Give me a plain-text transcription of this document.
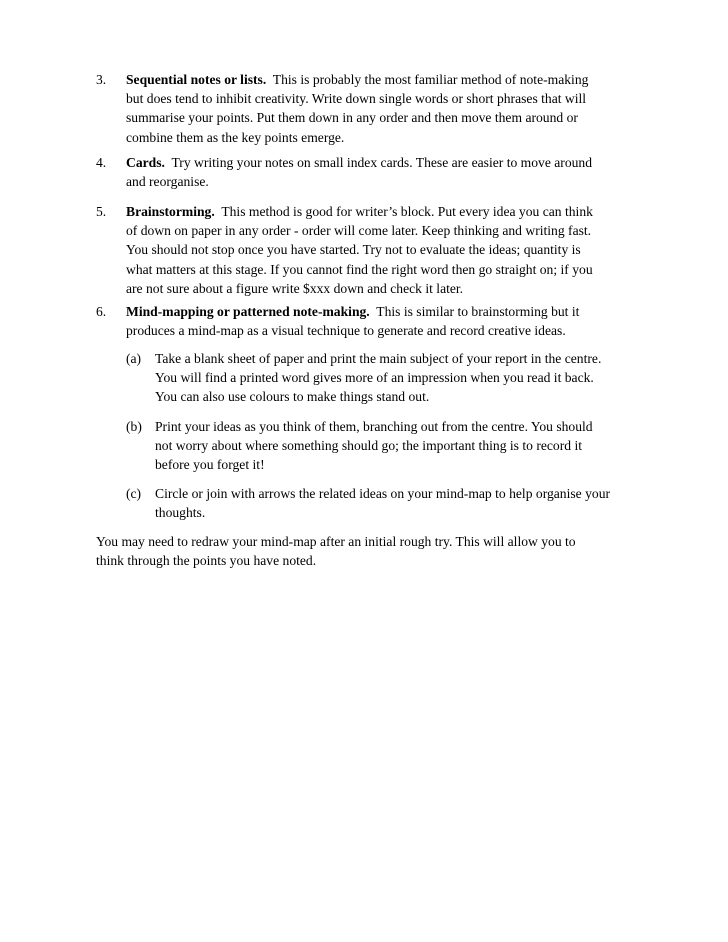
3. Sequential notes or lists. This is probably the most familiar method of note-making

but does tend to inhibit creativity. Write down single words or short phrases that will

summarise your points. Put them down in any order and then move them around or

combine them as the key points emerge.

4. Cards. Try writing your notes on small index cards. These are easier to move around

and reorganise.

5. Brainstorming. This method is good for writer’s block. Put every idea you can think

of down on paper in any order - order will come later. Keep thinking and writing fast.

You should not stop once you have started. Try not to evaluate the ideas; quantity is

what matters at this stage. If you cannot find the right word then go straight on; if you

are not sure about a figure write $xxx down and check it later.

6. Mind-mapping or patterned note-making. This is similar to brainstorming but it

produces a mind-map as a visual technique to generate and record creative ideas.

(a) Take a blank sheet of paper and print the main subject of your report in the centre.

You will find a printed word gives more of an impression when you read it back.

You can also use colours to make things stand out.

(b) Print your ideas as you think of them, branching out from the centre. You should

not worry about where something should go; the important thing is to record it

before you forget it!

(c) Circle or join with arrows the related ideas on your mind-map to help organise your

thoughts.

You may need to redraw your mind-map after an initial rough try. This will allow you to

think through the points you have noted.
